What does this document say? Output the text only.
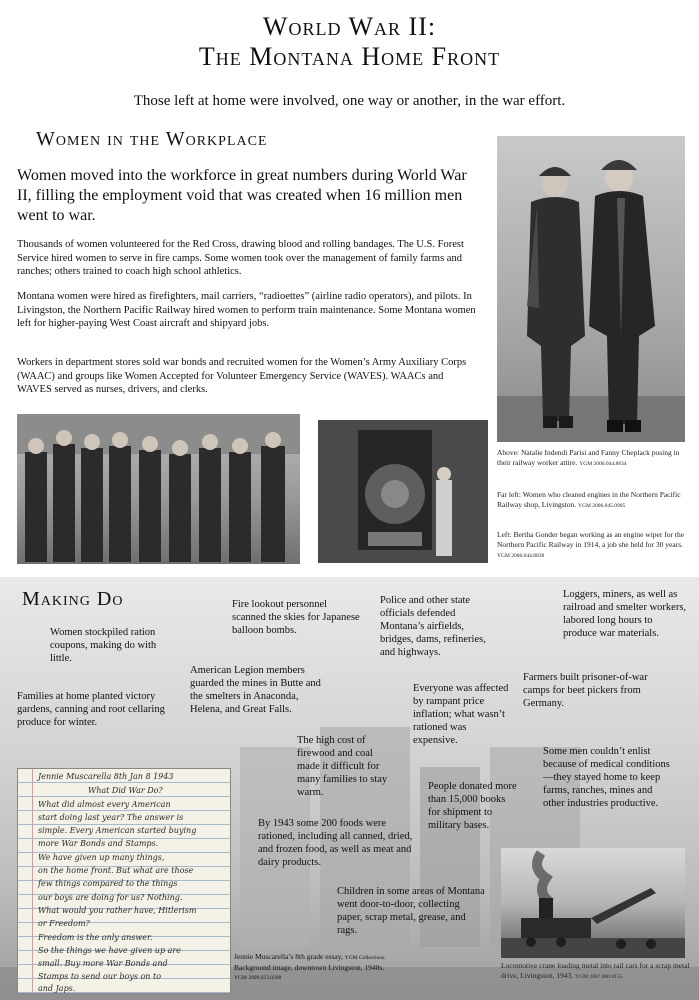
World War II:
The Montana Home Front
Those left at home were involved, one way or another, in the war effort.
Women in the Workplace
Women moved into the workforce in great numbers during World War II, filling the employment void that was created when 16 million men went to war.
Thousands of women volunteered for the Red Cross, drawing blood and rolling bandages. The U.S. Forest Service hired women to serve in fire camps. Some women took over the management of family farms and ranches; others trained to coach high school athletics.
Montana women were hired as firefighters, mail carriers, “radioettes” (airline radio operators), and pilots. In Livingston, the Northern Pacific Railway hired women to perform train maintenance. Some Montana women left for higher-paying West Coast aircraft and shipyard jobs.
Workers in department stores sold war bonds and recruited women for the Women’s Army Auxiliary Corps (WAAC) and groups like Women Accepted for Volunteer Emergency Service (WAVES). WAACs and WAVES served as nurses, drivers, and clerks.
Above: Natalie Indendi Parisi and Fanny Cheplack posing in their railway worker attire. YGM 2006.044.8834
Far left: Women who cleaned engines in the Northern Pacific Railway shop, Livingston. YGM 2006.045.0905
Left: Bertha Gonder began working as an engine wiper for the Northern Pacific Railway in 1914, a job she held for 30 years. YGM 2006.044.8838
Making Do
Women stockpiled ration coupons, making do with little.
Families at home planted victory gardens, canning and root cellaring produce for winter.
Fire lookout personnel scanned the skies for Japanese balloon bombs.
American Legion members guarded the mines in Butte and the smelters in Anaconda, Helena, and Great Falls.
Police and other state officials defended Montana’s airfields, bridges, dams, refineries, and highways.
Loggers, miners, as well as railroad and smelter workers, labored long hours to produce war materials.
Everyone was affected by rampant price inflation; what wasn’t rationed was expensive.
Farmers built prisoner-of-war camps for beet pickers from Germany.
The high cost of firewood and coal made it difficult for many families to stay warm.
Some men couldn’t enlist because of medical conditions—they stayed home to keep farms, ranches, mines and other industries productive.
By 1943 some 200 foods were rationed, including all canned, dried, and frozen food, as well as meat and dairy products.
People donated more than 15,000 books for shipment to military bases.
Children in some areas of Montana went door-to-door, collecting paper, scrap metal, grease, and rags.
Jennie Muscarella 8th Jan 8 1943
What Did War Do?
What did almost every American
start doing last year? The answer is
simple. Every American started buying
more War Bonds and Stamps.
We have given up many things,
on the home front. But what are those
few things compared to the things
our boys are doing for us? Nothing.
What would you rather have, Hitlerism
or Freedom?
Freedom is the only answer.
So the things we have given up are
small. Buy more War Bonds and
Stamps to send our boys on to
and Japs.
Jennie Muscarella’s 8th grade essay, YGM Collections.
Background image, downtown Livingston, 1940s.
YGM 2009.023.0208
Locomotive crane loading metal into rail cars for a scrap metal drive, Livingston, 1943. YGM 2007.000.0155
